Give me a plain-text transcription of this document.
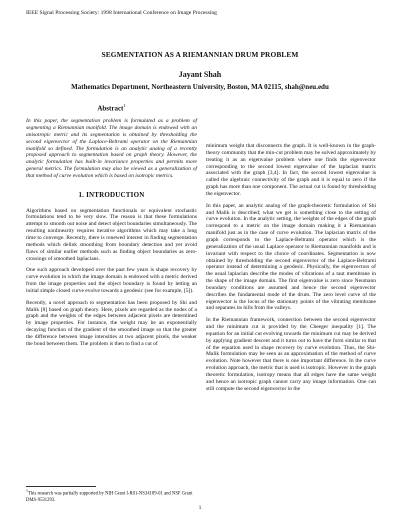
IEEE Signal Processing Society: 1998 International Conference on Image Processing
SEGMENTATION AS A RIEMANNIAN DRUM PROBLEM
Jayant Shah
Mathematics Department, Northeastern University, Boston, MA 02115, shah@neu.edu
Abstract$^1$

In this paper, the segmentation problem is formulated as a problem of segmenting a Riemannian manifold. The image domain is endowed with an anisotropic metric and its segmentation is obtained by thresholding the second eigenvector of the Laplace-Beltrami operator on the Riemannian manifold so defined. The formulation is an analytic analog of a recently proposed approach to segmentation based on graph theory. However, the analytic formulation has built-in invariance properties and permits more general metrics. The formulation may also be viewed as a generalization of that method of curve evolution which is based on isotropic metrics.

1. INTRODUCTION

Algorithms based on segmentation functionals or equivalent stochastic formulations tend to be very slow. The reason is that these formulations attempt to smooth out noise and detect object boundaries simultaneously. The resulting nonlinearity requires iterative algorithms which may take a long time to converge. Recently, there is renewed interest in finding segmentation methods which delink smoothing from boundary detection and yet avoid flaws of similar earlier methods such as finding object boundaries as zero-crossings of smoothed laplacians.

One such approach developed over the past few years is shape recovery by curve evolution in which the image domain is endowed with a metric derived from the image properties and the object boundary is found by letting an initial simple closed curve evolve towards a geodesic (see for example, [5]).

Recently, a novel approach to segmentation has been proposed by Shi and Malik [8] based on graph theory. Here, pixels are regarded as the nodes of a graph and the weights of the edges between adjacent pixels are determined by image properties. For instance, the weight may be an exponentially decaying function of the gradient of the smoothed image so that the greater the difference between image intensities at two adjacent pixels, the weaker the bond between them. The problem is then to find a cut of

minimum weight that disconnects the graph. It is well-known in the graph-theory community that the min-cut problem may be solved approximately by treating it as an eigenvalue problem where one finds the eigenvector corresponding to the second lowest eigenvalue of the laplacian matrix associated with the graph [3,4]. In fact, the second lowest eigenvalue is called the algebraic connectivity of the graph and it is equal to zero if the graph has more than one component. The actual cut is found by thresholding the eigenvector.

In this paper, an analytic analog of the graph-theoretic formulation of Shi and Malik is described; what we get is something close to the setting of curve evolution. In the analytic setting, the weights of the edges of the graph correspond to a metric on the image domain making it a Riemannian manifold just as in the case of curve evolution. The laplacian matrix of the graph corresponds to the Laplace-Beltrami operator which is the generalization of the usual Laplace operator to Riemannian manifolds and is invariant with respect to the choice of coordinates. Segmentation is now obtained by thresholding the second eigenvector of the Laplace-Beltrami operator instead of determining a geodesic. Physically, the eigenvectors of the usual laplacian describe the modes of vibrations of a taut membrane in the shape of the image domain. The first eigenvalue is zero since Neumann boundary conditions are assumed and hence the second eigenvector describes the fundamental mode of the drum. The zero level curve of the eigenvector is the locus of the stationary points of the vibrating membrane and separates its hills from the valleys.

In the Riemannian framework, connection between the second eigenvector and the minimum cut is provided by the Cheeger inequality [1]. The equation for an initial cut evolving towards the minimum cut may be derived by applying gradient descent and it turns out to have the form similar to that of the equation used in shape recovery by curve evolution. Thus, the Shi-Malik formulation may be seen as an approximation of the method of curve evolution. Note however that there is one important difference. In the curve evolution approach, the metric that is used is isotropic. However in the graph theoretic formulation, isotropy means that all edges have the same weight and hence an isotropic graph cannot carry any image information. One can still compute the second eigenvector in the

$^1$This research was partially supported by NIH Grant I-R01-NS34189-01 and NSF Grant DMS-9531293.
1
